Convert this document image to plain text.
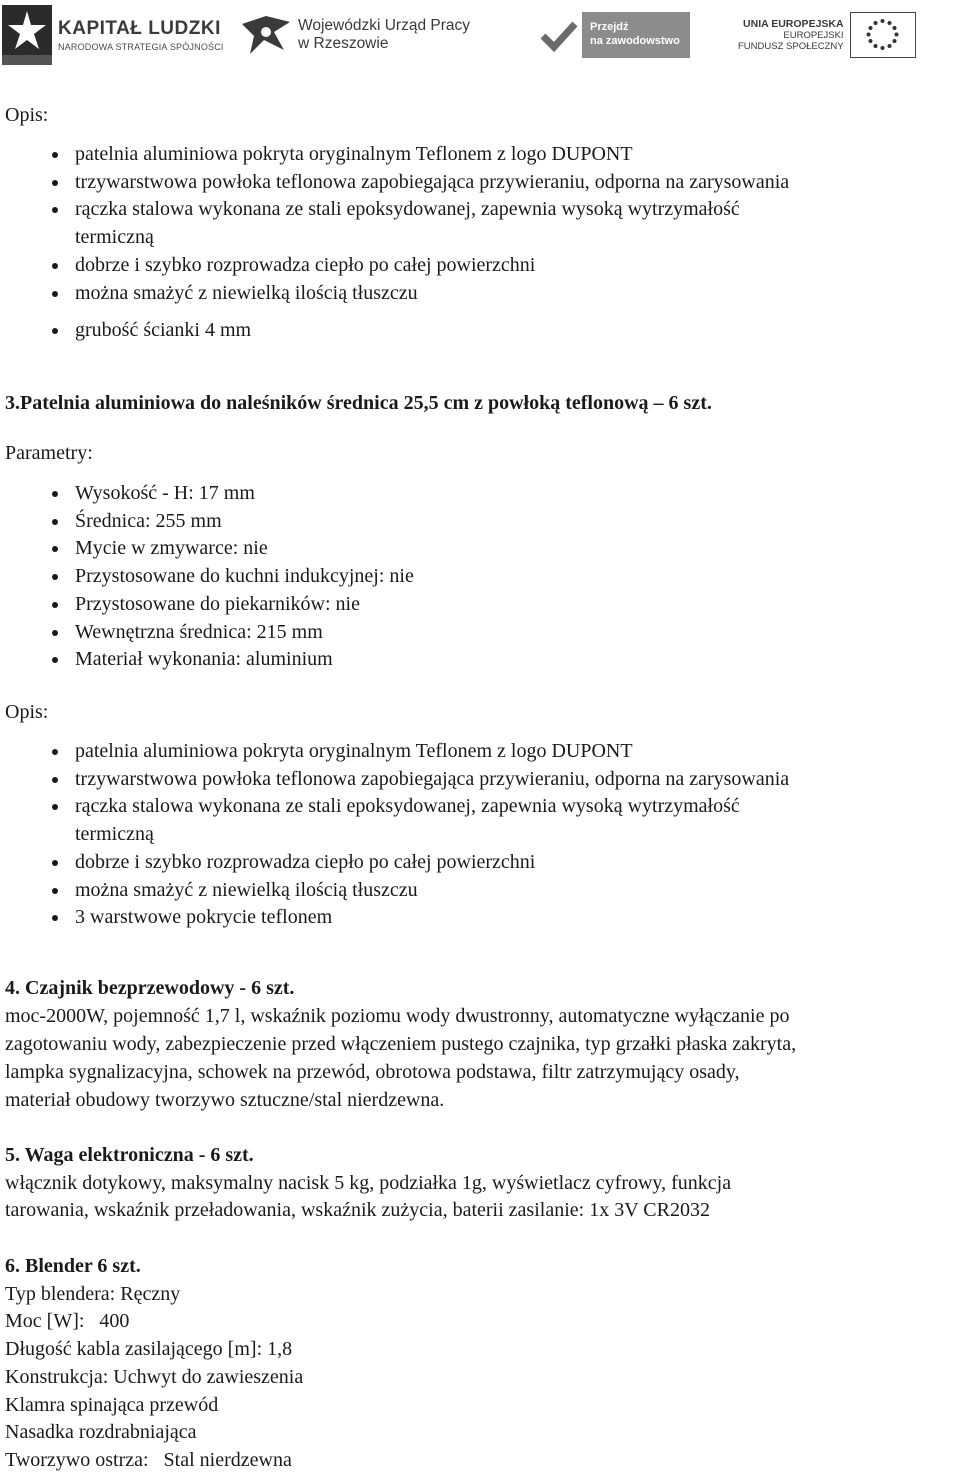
KAPITAŁ LUDZKI
NARODOWA STRATEGIA SPÓJNOŚCI
Wojewódzki Urząd Pracy
w Rzeszowie
Przejdź
na zawodowstwo
UNIA EUROPEJSKA
EUROPEJSKI
FUNDUSZ SPOŁECZNY
Opis:
patelnia aluminiowa pokryta oryginalnym Teflonem z logo DUPONT
trzywarstwowa powłoka teflonowa zapobiegająca przywieraniu, odporna na zarysowania
rączka stalowa wykonana ze stali epoksydowanej, zapewnia wysoką wytrzymałość
termiczną
dobrze i szybko rozprowadza ciepło po całej powierzchni
można smażyć z niewielką ilością tłuszczu
grubość ścianki 4 mm
3.Patelnia aluminiowa do naleśników średnica 25,5 cm z powłoką teflonową – 6 szt.
Parametry:
Wysokość - H: 17 mm
Średnica: 255 mm
Mycie w zmywarce: nie
Przystosowane do kuchni indukcyjnej: nie
Przystosowane do piekarników: nie
Wewnętrzna średnica: 215 mm
Materiał wykonania: aluminium
Opis:
patelnia aluminiowa pokryta oryginalnym Teflonem z logo DUPONT
trzywarstwowa powłoka teflonowa zapobiegająca przywieraniu, odporna na zarysowania
rączka stalowa wykonana ze stali epoksydowanej, zapewnia wysoką wytrzymałość
termiczną
dobrze i szybko rozprowadza ciepło po całej powierzchni
można smażyć z niewielką ilością tłuszczu
3 warstwowe pokrycie teflonem
4. Czajnik bezprzewodowy - 6 szt.
moc-2000W, pojemność 1,7 l, wskaźnik poziomu wody dwustronny, automatyczne wyłączanie po
zagotowaniu wody, zabezpieczenie przed włączeniem pustego czajnika, typ grzałki płaska zakryta,
lampka sygnalizacyjna, schowek na przewód, obrotowa podstawa, filtr zatrzymujący osady,
materiał obudowy tworzywo sztuczne/stal nierdzewna.
5. Waga elektroniczna - 6 szt.
włącznik dotykowy, maksymalny nacisk 5 kg, podziałka 1g, wyświetlacz cyfrowy, funkcja
tarowania, wskaźnik przeładowania, wskaźnik zużycia, baterii zasilanie: 1x 3V CR2032
6. Blender 6 szt.
Typ blendera: Ręczny
Moc [W]:   400
Długość kabla zasilającego [m]: 1,8
Konstrukcja: Uchwyt do zawieszenia
Klamra spinająca przewód
Nasadka rozdrabniająca
Tworzywo ostrza:   Stal nierdzewna
